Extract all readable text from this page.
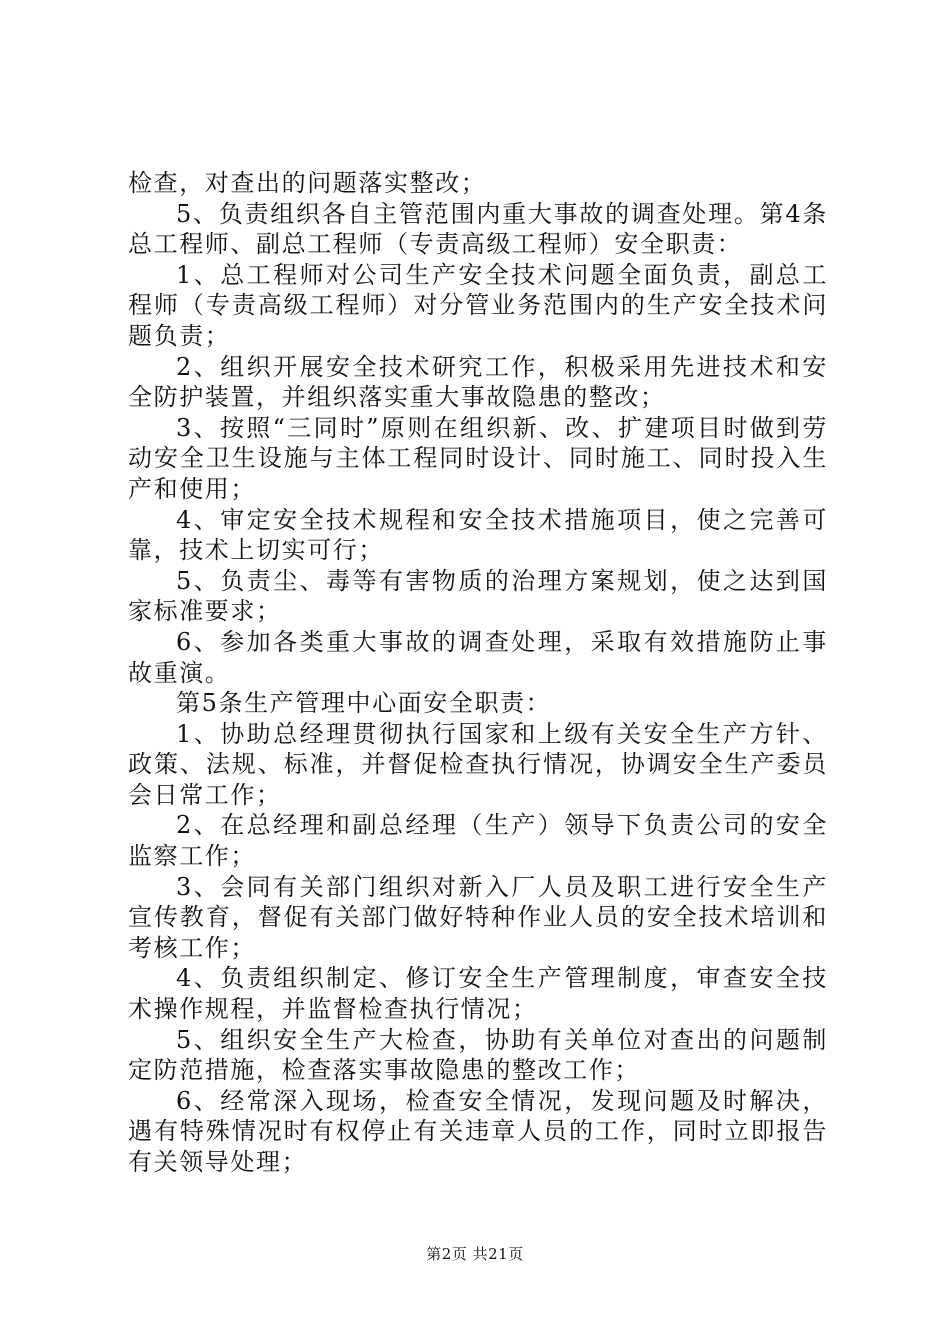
检查，对查出的问题落实整改；

5、负责组织各自主管范围内重大事故的调查处理。第4条总工程师、副总工程师（专责高级工程师）安全职责：

1、总工程师对公司生产安全技术问题全面负责，副总工程师（专责高级工程师）对分管业务范围内的生产安全技术问题负责；

2、组织开展安全技术研究工作，积极采用先进技术和安全防护装置，并组织落实重大事故隐患的整改；

3、按照“三同时”原则在组织新、改、扩建项目时做到劳动安全卫生设施与主体工程同时设计、同时施工、同时投入生产和使用；

4、审定安全技术规程和安全技术措施项目，使之完善可靠，技术上切实可行；

5、负责尘、毒等有害物质的治理方案规划，使之达到国家标准要求；

6、参加各类重大事故的调查处理，采取有效措施防止事故重演。

第5条生产管理中心面安全职责：

1、协助总经理贯彻执行国家和上级有关安全生产方针、政策、法规、标准，并督促检查执行情况，协调安全生产委员会日常工作；

2、在总经理和副总经理（生产）领导下负责公司的安全监察工作；

3、会同有关部门组织对新入厂人员及职工进行安全生产宣传教育，督促有关部门做好特种作业人员的安全技术培训和考核工作；

4、负责组织制定、修订安全生产管理制度，审查安全技术操作规程，并监督检查执行情况；

5、组织安全生产大检查，协助有关单位对查出的问题制定防范措施，检查落实事故隐患的整改工作；

6、经常深入现场，检查安全情况，发现问题及时解决，遇有特殊情况时有权停止有关违章人员的工作，同时立即报告有关领导处理；

第2页 共21页
